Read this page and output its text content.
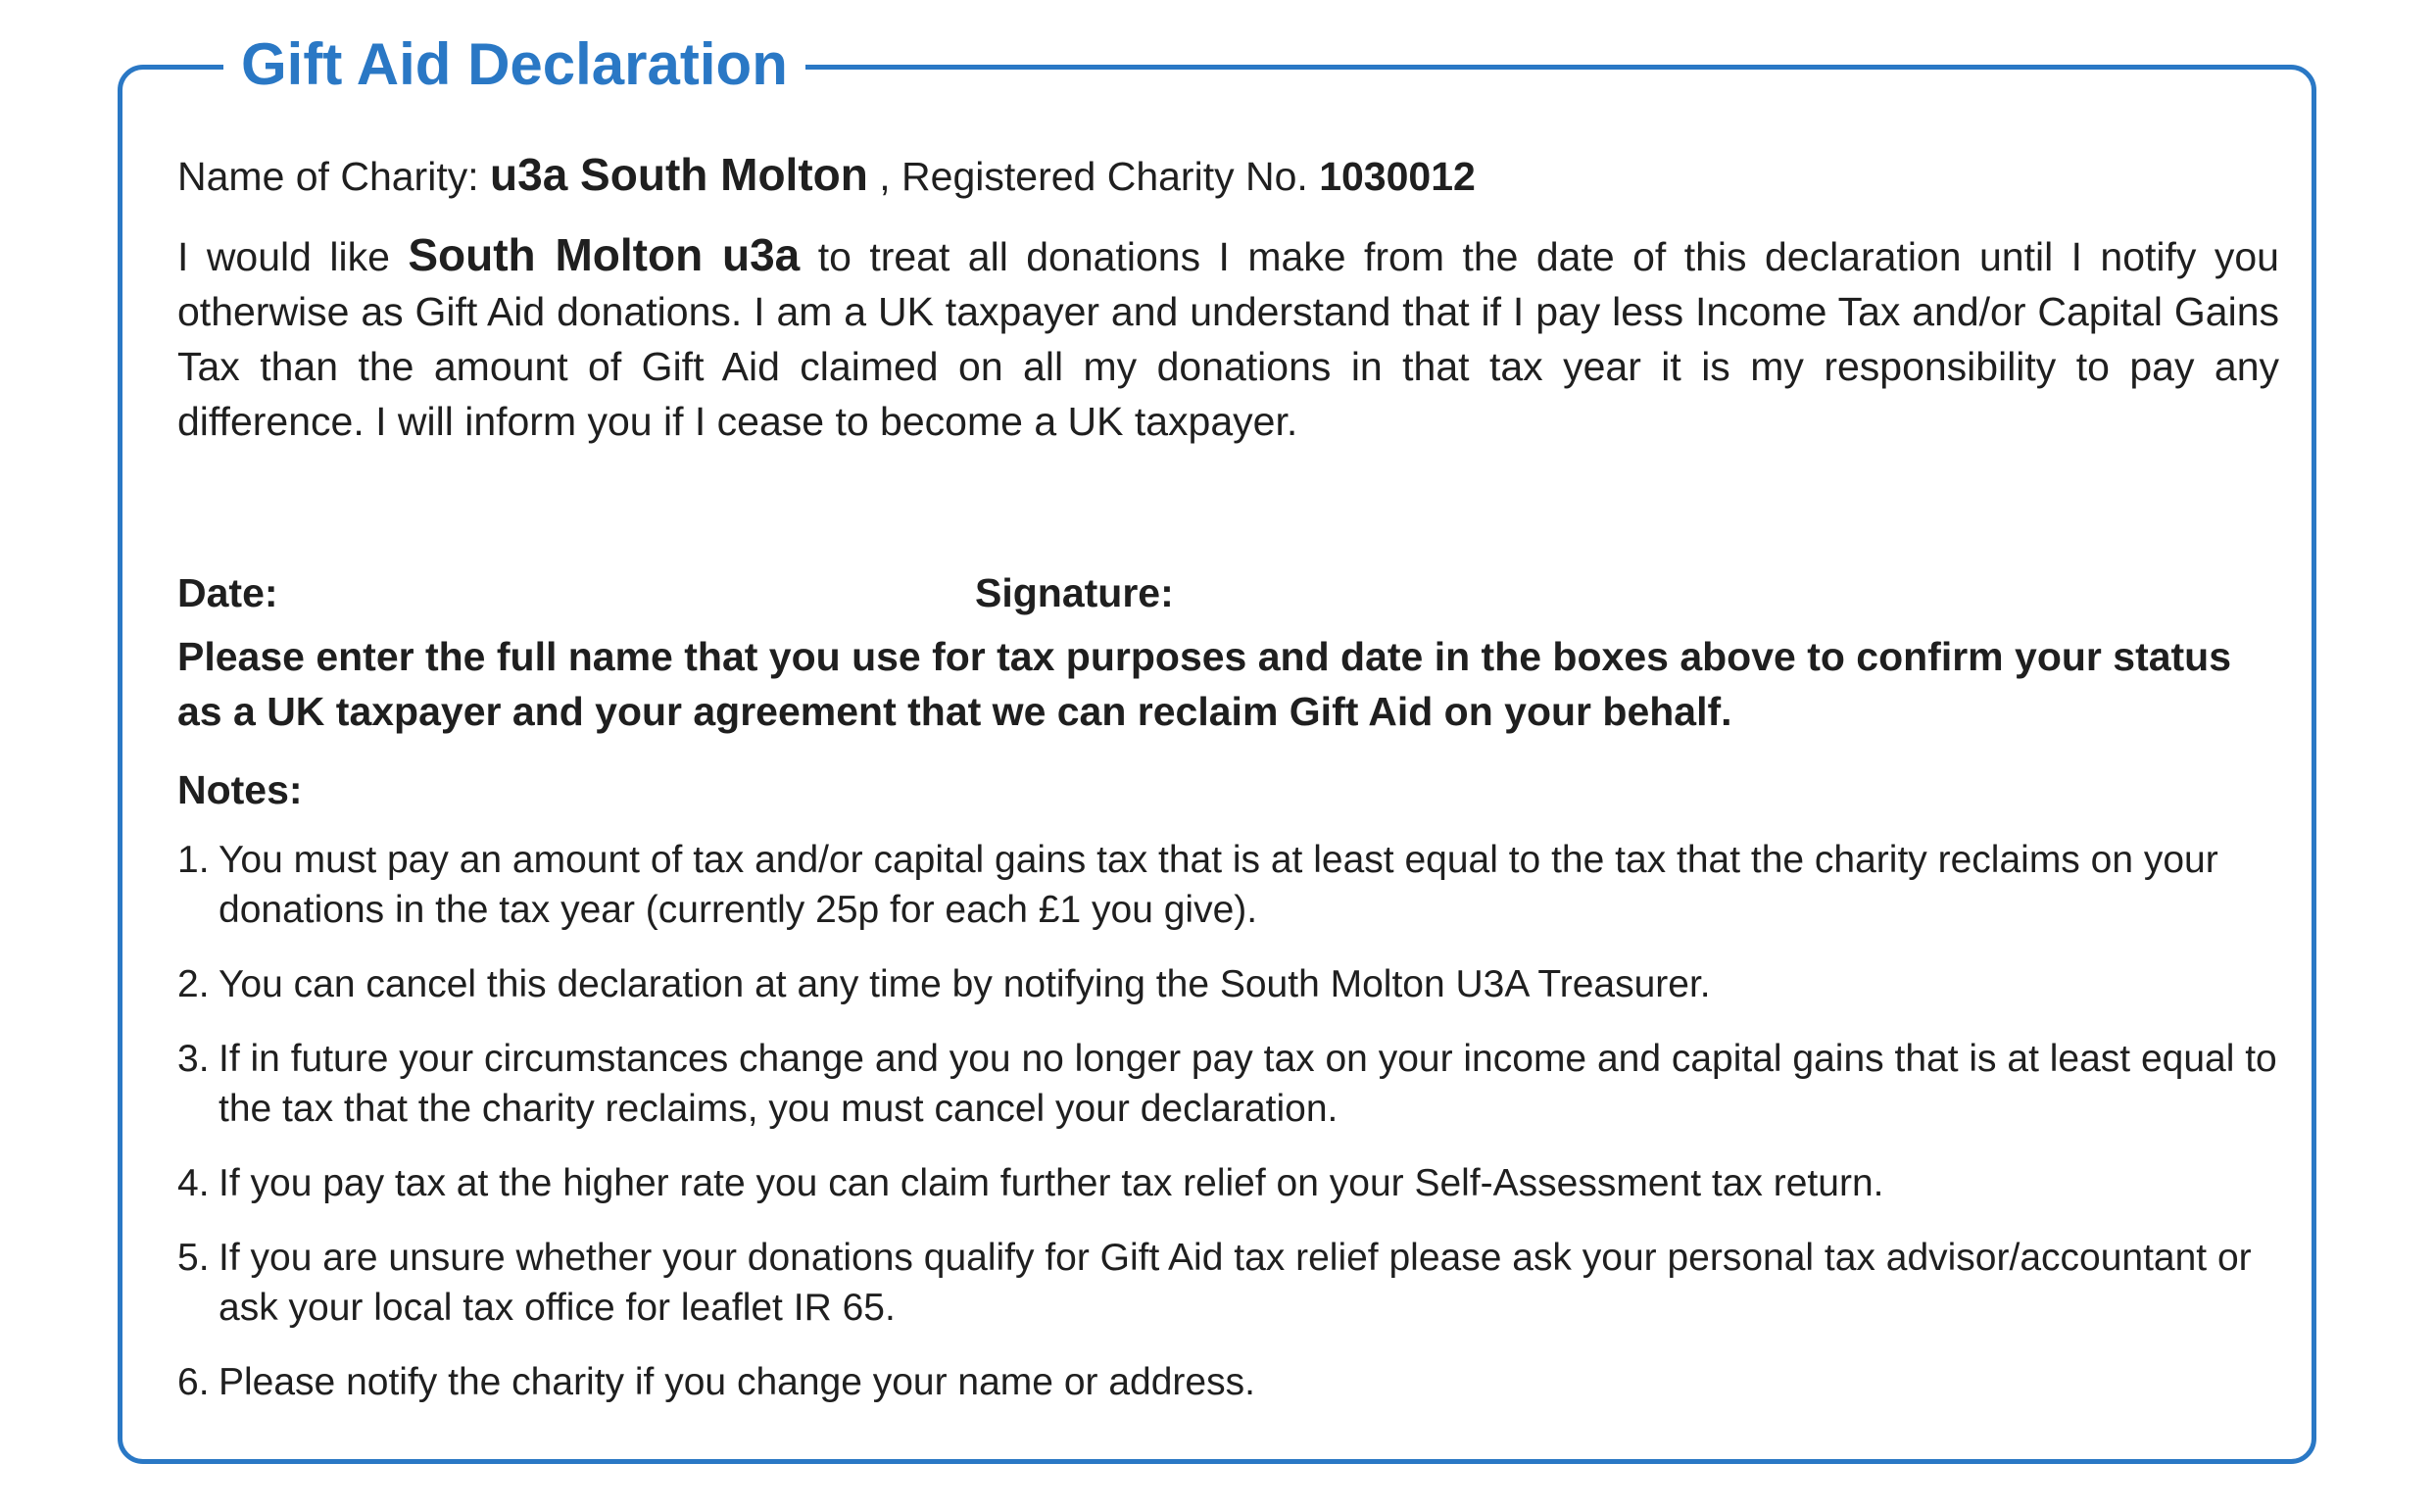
Gift Aid Declaration

Name of Charity: u3a South Molton , Registered Charity No. 1030012

I would like South Molton u3a to treat all donations I make from the date of this declaration until I notify you otherwise as Gift Aid donations. I am a UK taxpayer and understand that if I pay less Income Tax and/or Capital Gains Tax than the amount of Gift Aid claimed on all my donations in that tax year it is my responsibility to pay any difference. I will inform you if I cease to become a UK taxpayer.

Date:	Signature:

Please enter the full name that you use for tax purposes and date in the boxes above to confirm your status as a UK taxpayer and your agreement that we can reclaim Gift Aid on your behalf.

Notes:

1. You must pay an amount of tax and/or capital gains tax that is at least equal to the tax that the charity reclaims on your donations in the tax year (currently 25p for each £1 you give).
2. You can cancel this declaration at any time by notifying the South Molton U3A Treasurer.
3. If in future your circumstances change and you no longer pay tax on your income and capital gains that is at least equal to the tax that the charity reclaims, you must cancel your declaration.
4. If you pay tax at the higher rate you can claim further tax relief on your Self-Assessment tax return.
5. If you are unsure whether your donations qualify for Gift Aid tax relief please ask your personal tax advisor/accountant or ask your local tax office for leaflet IR 65.
6. Please notify the charity if you change your name or address.
